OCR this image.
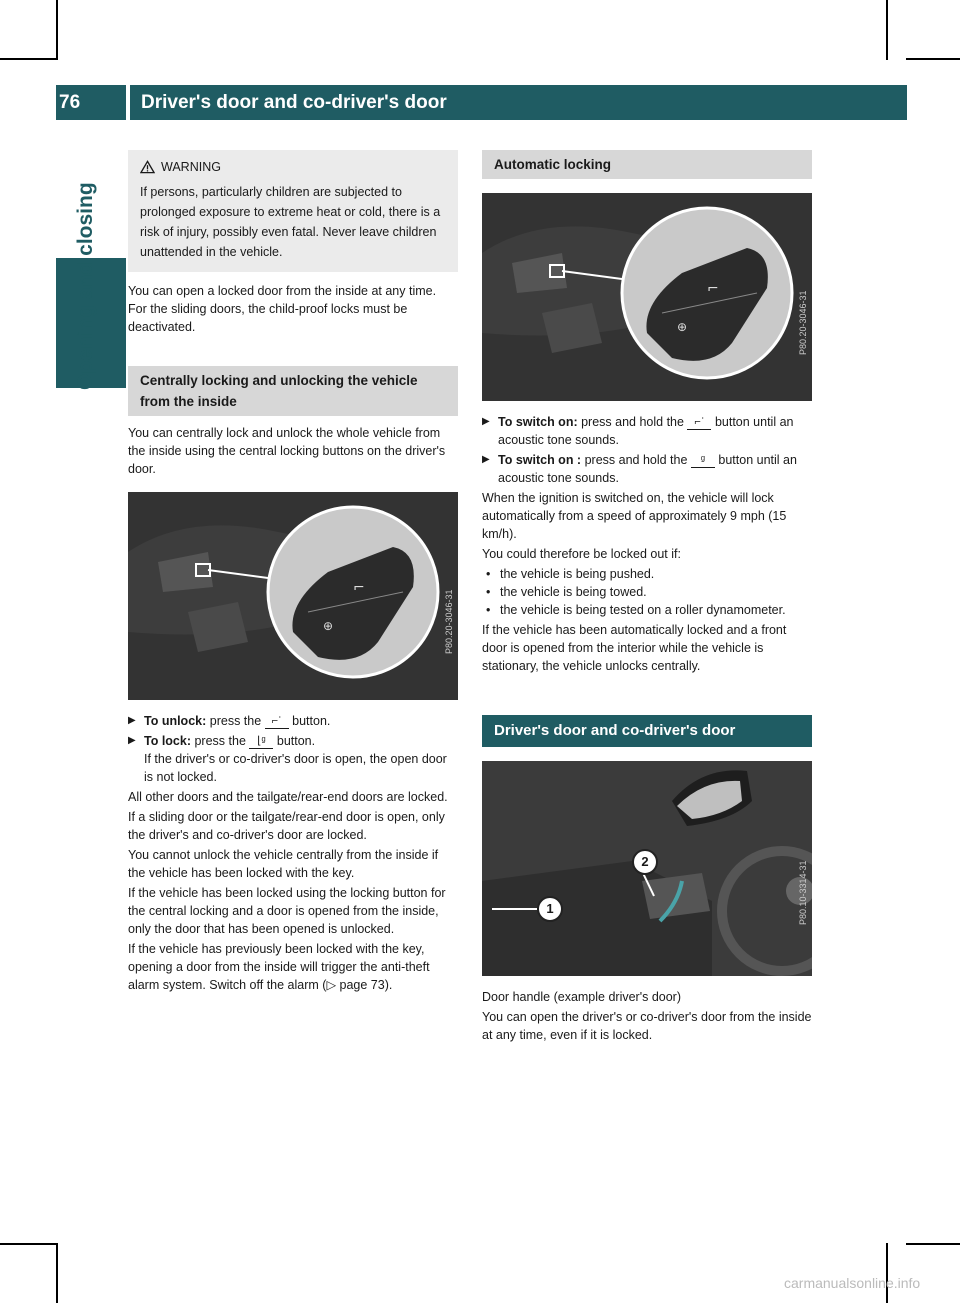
76	Driver's door and co-driver's door
Opening and closing
WARNING
If persons, particularly children are subjected to prolonged exposure to extreme heat or cold, there is a risk of injury, possibly even fatal. Never leave children unattended in the vehicle.

You can open a locked door from the inside at any time. For the sliding doors, the child-proof locks must be deactivated.

Centrally locking and unlocking the vehicle from the inside

You can centrally lock and unlock the whole vehicle from the inside using the central locking buttons on the driver's door.

⌐
⊕	P80.20-3046-31
▶ To unlock: press the ⌐ʿ button.
▶ To lock: press the ⌊ᵍ button.
If the driver's or co-driver's door is open, the open door is not locked.

All other doors and the tailgate/rear-end doors are locked.

If a sliding door or the tailgate/rear-end door is open, only the driver's and co-driver's door are locked.

You cannot unlock the vehicle centrally from the inside if the vehicle has been locked with the key.

If the vehicle has been locked using the locking button for the central locking and a door is opened from the inside, only the door that has been opened is unlocked.

If the vehicle has previously been locked with the key, opening a door from the inside will trigger the anti-theft alarm system. Switch off the alarm (▷ page 73).

Automatic locking
⌐
⊕	P80.20-3046-31
▶ To switch on: press and hold the ⌐ʿ button until an acoustic tone sounds.
▶ To switch on : press and hold the ᵍ button until an acoustic tone sounds.

When the ignition is switched on, the vehicle will lock automatically from a speed of approximately 9 mph (15 km/h).

You could therefore be locked out if:

• the vehicle is being pushed.
• the vehicle is being towed.
• the vehicle is being tested on a roller dynamometer.

If the vehicle has been automatically locked and a front door is opened from the interior while the vehicle is stationary, the vehicle unlocks centrally.

Driver's door and co-driver's door
1
2	P80.10-3314-31

Door handle (example driver's door)

You can open the driver's or co-driver's door from the inside at any time, even if it is locked.

carmanualsonline.info
